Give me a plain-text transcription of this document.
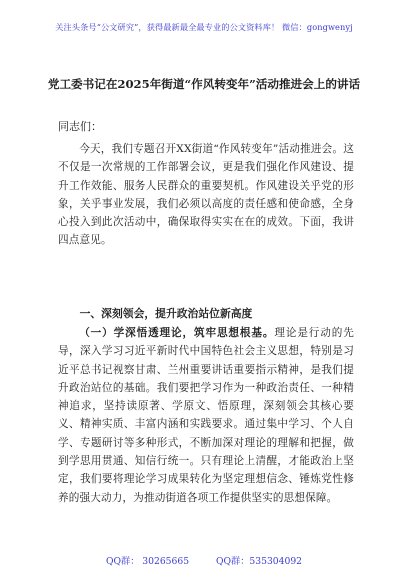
关注头条号“公文研究”，获得最新最全最专业的公文资料库！ 微信：gongwenyj
党工委书记在2025年街道“作风转变年”活动推进会上的讲话
同志们：

今天，我们专题召开XX街道“作风转变年”活动推进会。这不仅是一次常规的工作部署会议，更是我们强化作风建设、提升工作效能、服务人民群众的重要契机。作风建设关乎党的形象，关乎事业发展，我们必须以高度的责任感和使命感，全身心投入到此次活动中，确保取得实实在在的成效。下面，我讲四点意见。

一、深刻领会，提升政治站位新高度

（一）学深悟透理论，筑牢思想根基。理论是行动的先导，深入学习习近平新时代中国特色社会主义思想，特别是习近平总书记视察甘肃、兰州重要讲话重要指示精神，是我们提升政治站位的基础。我们要把学习作为一种政治责任、一种精神追求，坚持读原著、学原文、悟原理，深刻领会其核心要义、精神实质、丰富内涵和实践要求。通过集中学习、个人自学、专题研讨等多种形式，不断加深对理论的理解和把握，做到学思用贯通、知信行统一。只有理论上清醒，才能政治上坚定，我们要将理论学习成果转化为坚定理想信念、锤炼党性修养的强大动力，为推动街道各项工作提供坚实的思想保障。

QQ群： 30265665	QQ群：535304092
